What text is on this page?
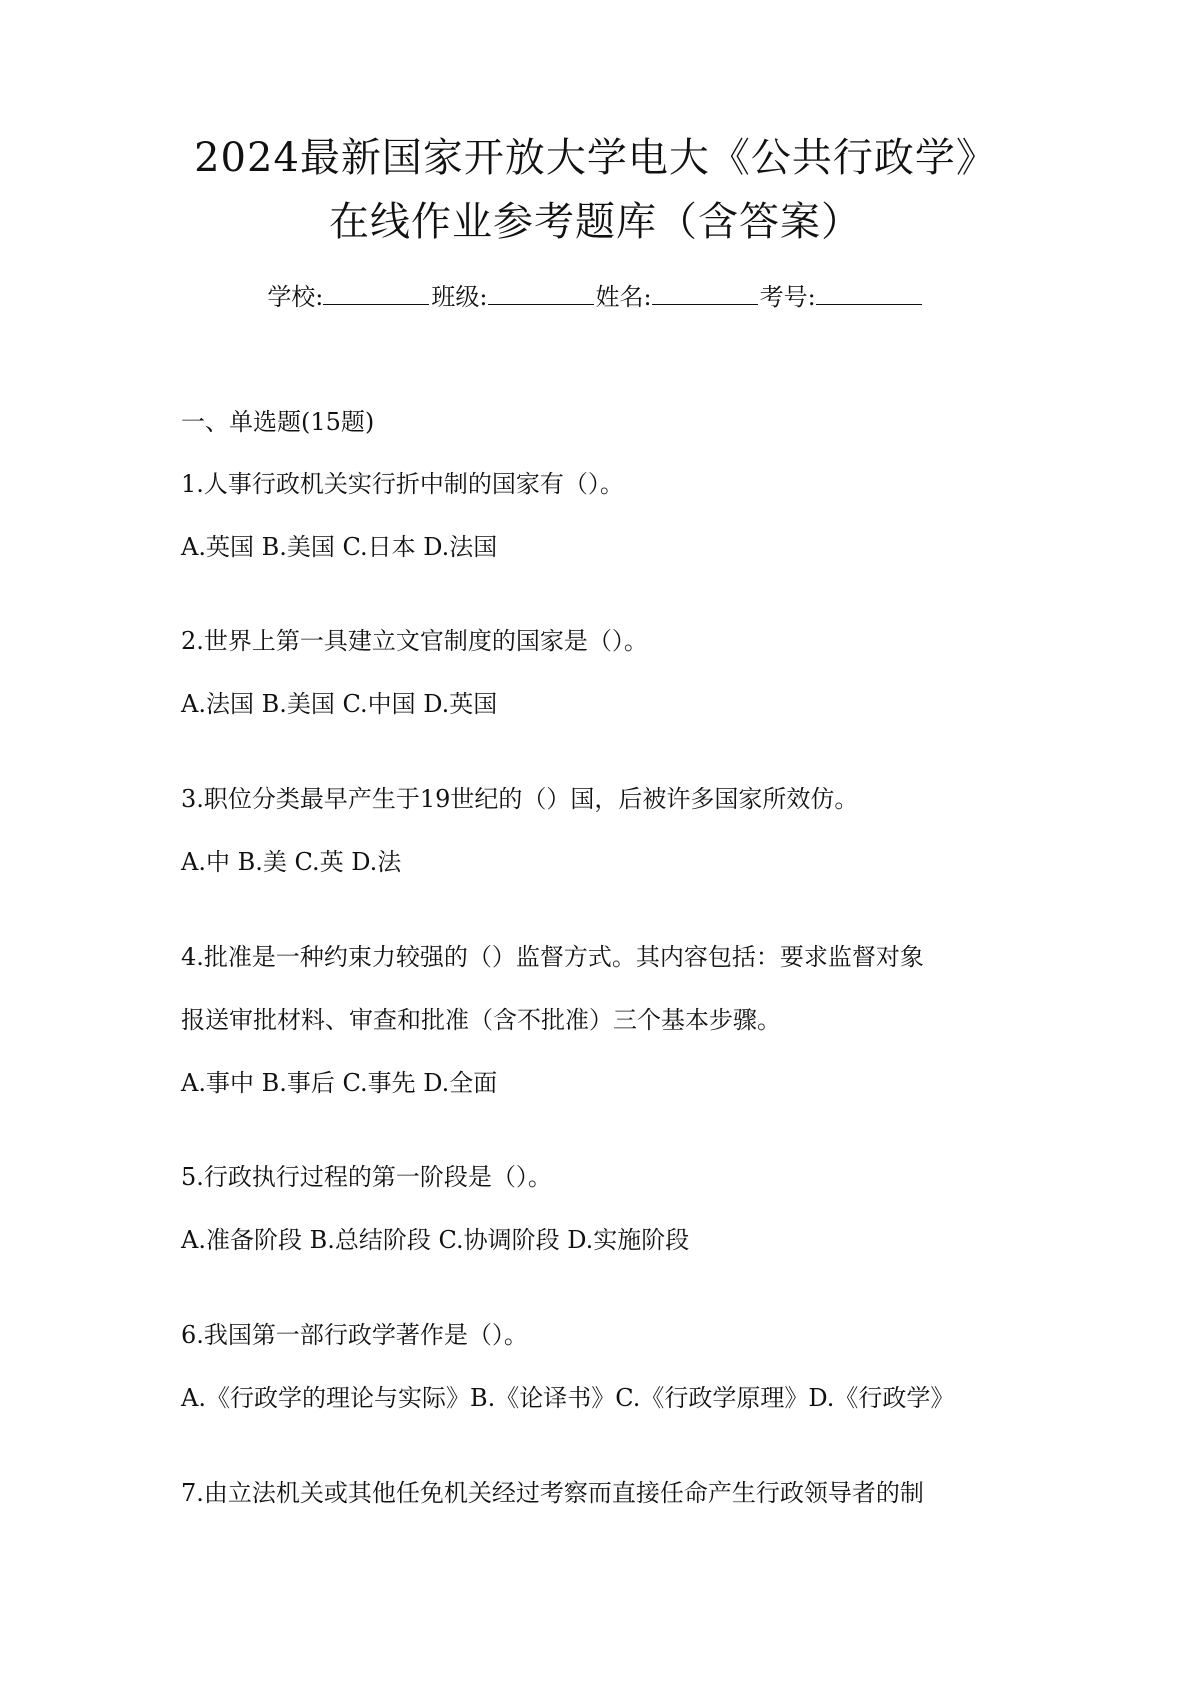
2024最新国家开放大学电大《公共行政学》
在线作业参考题库（含答案）
学校:	班级:	姓名:	考号:
一、单选题(15题)
1.人事行政机关实行折中制的国家有（）。
A.英国 B.美国 C.日本 D.法国
2.世界上第一具建立文官制度的国家是（）。
A.法国 B.美国 C.中国 D.英国
3.职位分类最早产生于19世纪的（）国，后被许多国家所效仿。
A.中 B.美 C.英 D.法
4.批准是一种约束力较强的（）监督方式。其内容包括：要求监督对象
报送审批材料、审查和批准（含不批准）三个基本步骤。
A.事中 B.事后 C.事先 D.全面
5.行政执行过程的第一阶段是（）。
A.准备阶段 B.总结阶段 C.协调阶段 D.实施阶段
6.我国第一部行政学著作是（）。
A.《行政学的理论与实际》B.《论译书》C.《行政学原理》D.《行政学》
7.由立法机关或其他任免机关经过考察而直接任命产生行政领导者的制
